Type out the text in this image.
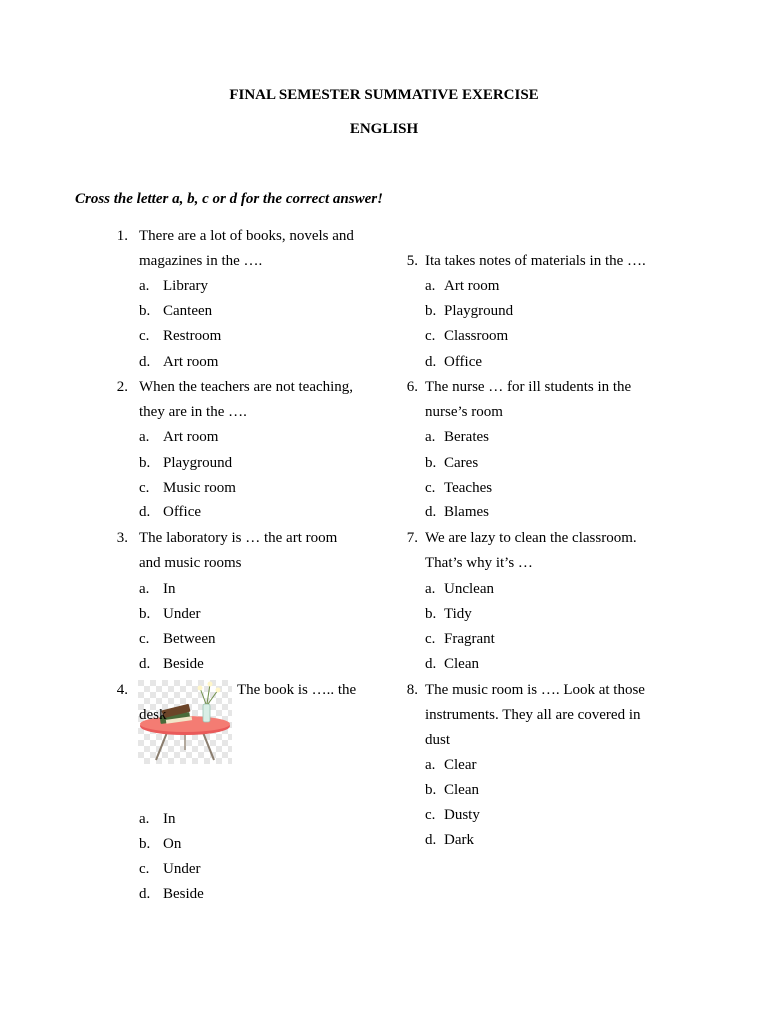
FINAL SEMESTER SUMMATIVE EXERCISE
ENGLISH
Cross the letter a, b, c or d for the correct answer!
1. There are a lot of books, novels and
magazines in the ….
a. Library
b. Canteen
c. Restroom
d. Art room
2. When the teachers are not teaching,
they are in the ….
a. Art room
b. Playground
c. Music room
d. Office
3. The laboratory is … the art room
and music rooms
a. In
b. Under
c. Between
d. Beside
4.	The book is ….. the
desk
a. In
b. On
c. Under
d. Beside
5. Ita takes notes of materials in the ….
a. Art room
b. Playground
c. Classroom
d. Office
6. The nurse … for ill students in the
nurse’s room
a. Berates
b. Cares
c. Teaches
d. Blames
7. We are lazy to clean the classroom.
That’s why it’s …
a. Unclean
b. Tidy
c. Fragrant
d. Clean
8. The music room is …. Look at those
instruments. They all are covered in
dust
a. Clear
b. Clean
c. Dusty
d. Dark
